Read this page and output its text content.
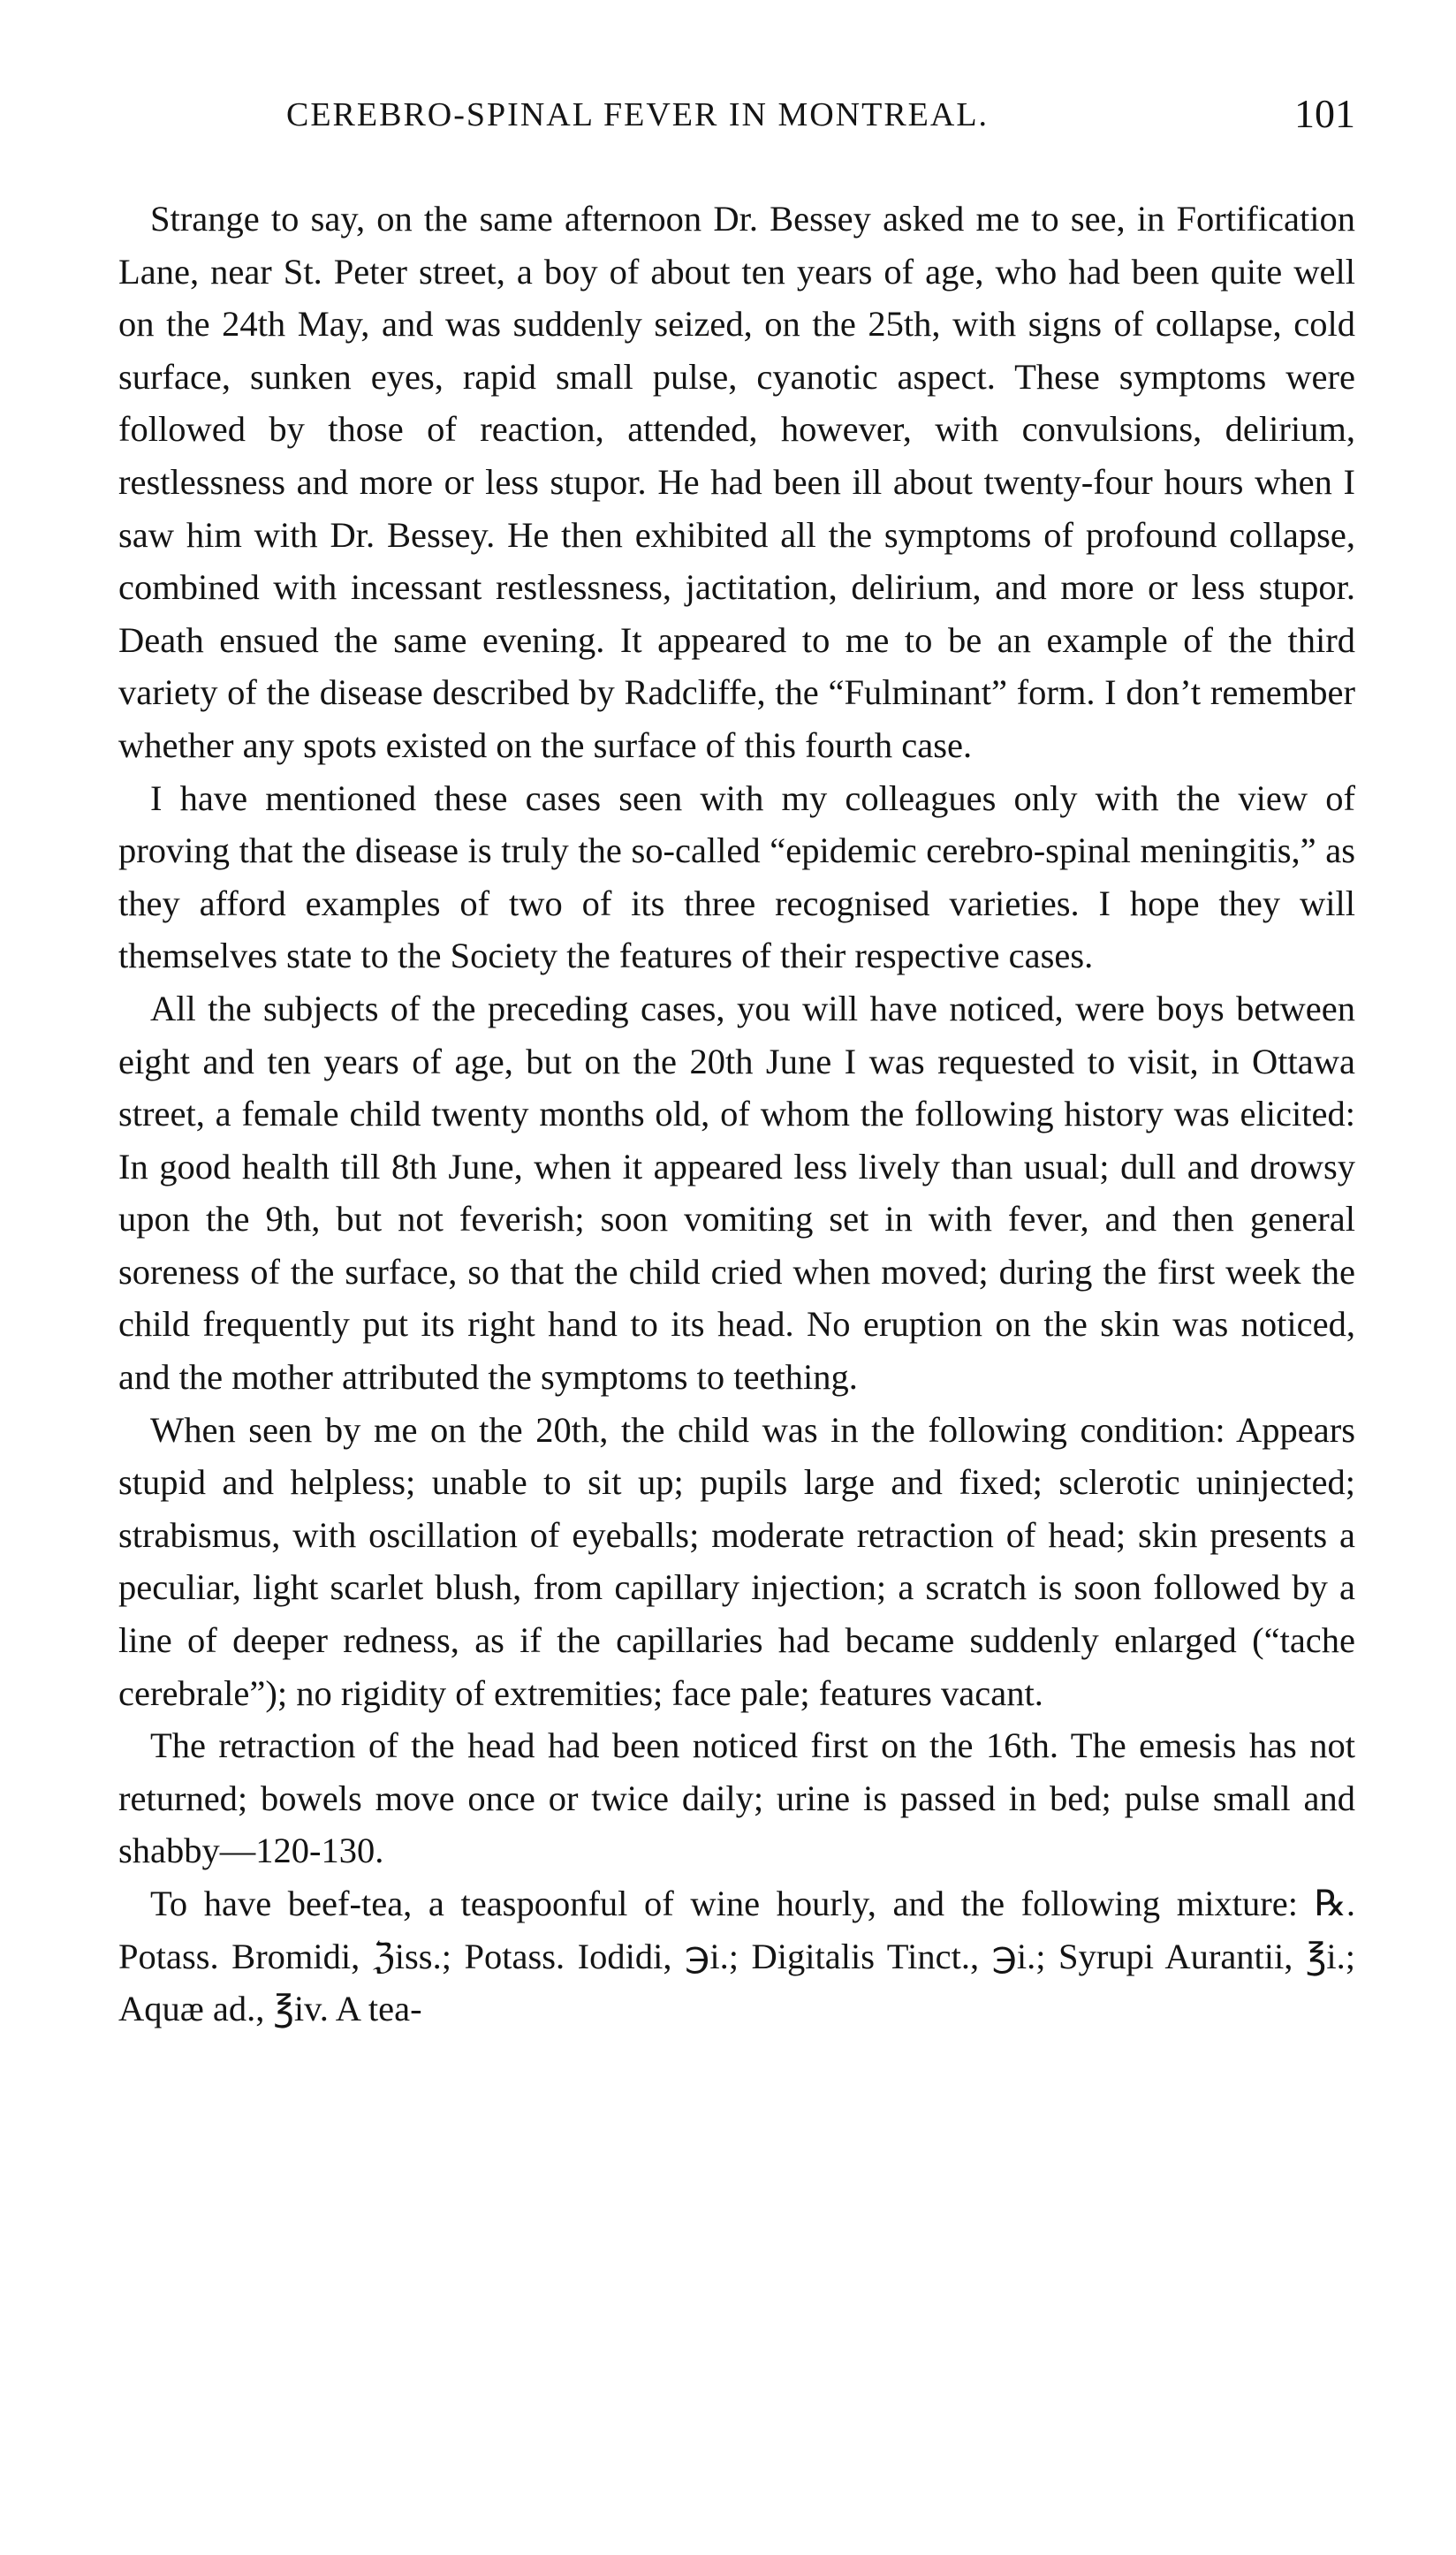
CEREBRO-SPINAL FEVER IN MONTREAL.	101

Strange to say, on the same afternoon Dr. Bessey asked me to see, in Fortification Lane, near St. Peter street, a boy of about ten years of age, who had been quite well on the 24th May, and was suddenly seized, on the 25th, with signs of collapse, cold surface, sunken eyes, rapid small pulse, cyanotic aspect. These symptoms were followed by those of reaction, attended, however, with convulsions, delirium, restlessness and more or less stupor. He had been ill about twenty-four hours when I saw him with Dr. Bessey. He then exhibited all the symptoms of profound collapse, combined with incessant restlessness, jactitation, delirium, and more or less stupor. Death ensued the same evening. It appeared to me to be an example of the third variety of the disease described by Radcliffe, the “Fulminant” form. I don’t remember whether any spots existed on the surface of this fourth case.

I have mentioned these cases seen with my colleagues only with the view of proving that the disease is truly the so-called “epidemic cerebro-spinal meningitis,” as they afford examples of two of its three recognised varieties. I hope they will themselves state to the Society the features of their respective cases.

All the subjects of the preceding cases, you will have noticed, were boys between eight and ten years of age, but on the 20th June I was requested to visit, in Ottawa street, a female child twenty months old, of whom the following history was elicited: In good health till 8th June, when it appeared less lively than usual; dull and drowsy upon the 9th, but not feverish; soon vomiting set in with fever, and then general soreness of the surface, so that the child cried when moved; during the first week the child frequently put its right hand to its head. No eruption on the skin was noticed, and the mother attributed the symptoms to teething.

When seen by me on the 20th, the child was in the following condition: Appears stupid and helpless; unable to sit up; pupils large and fixed; sclerotic uninjected; strabismus, with oscillation of eyeballs; moderate retraction of head; skin presents a peculiar, light scarlet blush, from capillary injection; a scratch is soon followed by a line of deeper redness, as if the capillaries had became suddenly enlarged (“tache cerebrale”); no rigidity of extremities; face pale; features vacant.

The retraction of the head had been noticed first on the 16th. The emesis has not returned; bowels move once or twice daily; urine is passed in bed; pulse small and shabby—120-130.

To have beef-tea, a teaspoonful of wine hourly, and the following mixture: ℞. Potass. Bromidi, ℨiss.; Potass. Iodidi, ℈i.; Digitalis Tinct., ℈i.; Syrupi Aurantii, ℥i.; Aquæ ad., ℥iv. A tea-
